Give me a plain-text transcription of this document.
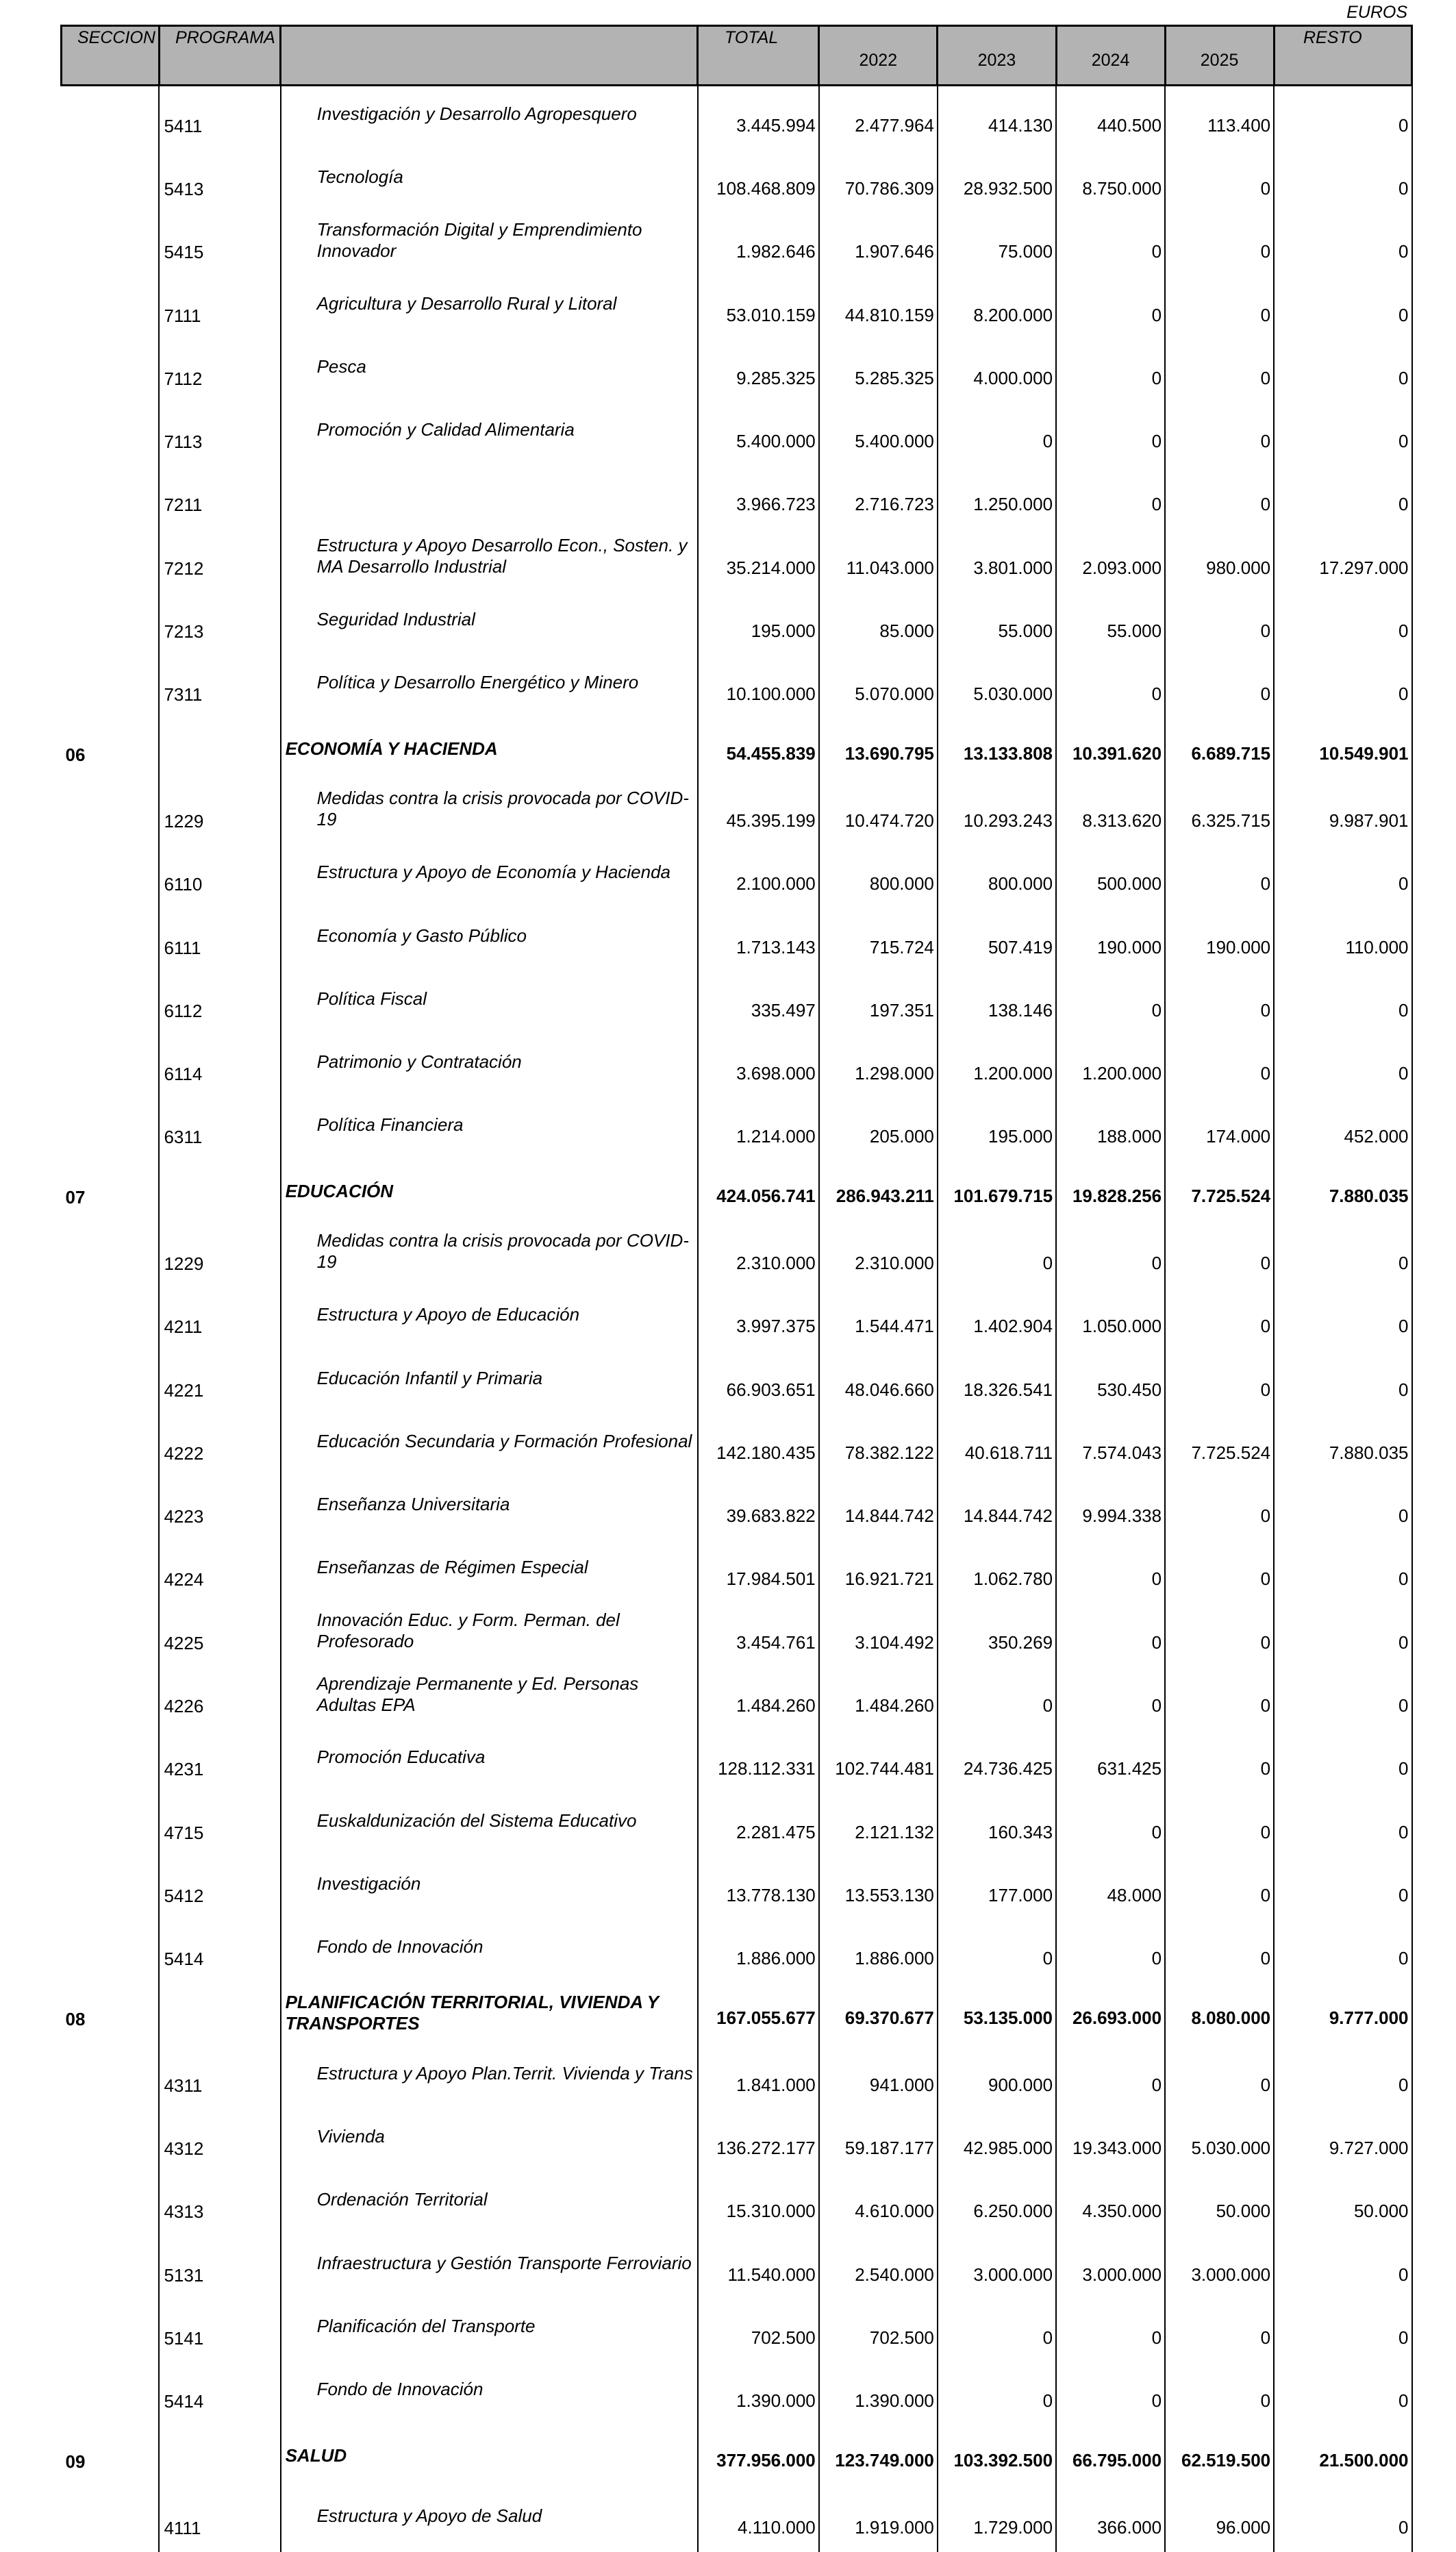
EUROS
SECCION	PROGRAMA		TOTAL	2022	2023	2024	2025	RESTO
	5411	Investigación y Desarrollo Agropesquero	3.445.994	2.477.964	414.130	440.500	113.400	0
	5413	Tecnología	108.468.809	70.786.309	28.932.500	8.750.000	0	0
	5415	Transformación Digital y Emprendimiento Innovador	1.982.646	1.907.646	75.000	0	0	0
	7111	Agricultura y Desarrollo Rural y Litoral	53.010.159	44.810.159	8.200.000	0	0	0
	7112	Pesca	9.285.325	5.285.325	4.000.000	0	0	0
	7113	Promoción y Calidad Alimentaria	5.400.000	5.400.000	0	0	0	0
	7211		3.966.723	2.716.723	1.250.000	0	0	0
	7212	Estructura y Apoyo Desarrollo Econ., Sosten. y MA Desarrollo Industrial	35.214.000	11.043.000	3.801.000	2.093.000	980.000	17.297.000
	7213	Seguridad Industrial	195.000	85.000	55.000	55.000	0	0
	7311	Política y Desarrollo Energético y Minero	10.100.000	5.070.000	5.030.000	0	0	0
06		ECONOMÍA Y HACIENDA	54.455.839	13.690.795	13.133.808	10.391.620	6.689.715	10.549.901
	1229	Medidas contra la crisis provocada por COVID-19	45.395.199	10.474.720	10.293.243	8.313.620	6.325.715	9.987.901
	6110	Estructura y Apoyo de Economía y Hacienda	2.100.000	800.000	800.000	500.000	0	0
	6111	Economía y Gasto Público	1.713.143	715.724	507.419	190.000	190.000	110.000
	6112	Política Fiscal	335.497	197.351	138.146	0	0	0
	6114	Patrimonio y Contratación	3.698.000	1.298.000	1.200.000	1.200.000	0	0
	6311	Política Financiera	1.214.000	205.000	195.000	188.000	174.000	452.000
07		EDUCACIÓN	424.056.741	286.943.211	101.679.715	19.828.256	7.725.524	7.880.035
	1229	Medidas contra la crisis provocada por COVID-19	2.310.000	2.310.000	0	0	0	0
	4211	Estructura y Apoyo de Educación	3.997.375	1.544.471	1.402.904	1.050.000	0	0
	4221	Educación Infantil y Primaria	66.903.651	48.046.660	18.326.541	530.450	0	0
	4222	Educación Secundaria y Formación Profesional	142.180.435	78.382.122	40.618.711	7.574.043	7.725.524	7.880.035
	4223	Enseñanza Universitaria	39.683.822	14.844.742	14.844.742	9.994.338	0	0
	4224	Enseñanzas de Régimen Especial	17.984.501	16.921.721	1.062.780	0	0	0
	4225	Innovación Educ. y Form. Perman. del Profesorado	3.454.761	3.104.492	350.269	0	0	0
	4226	Aprendizaje Permanente y Ed. Personas Adultas EPA	1.484.260	1.484.260	0	0	0	0
	4231	Promoción Educativa	128.112.331	102.744.481	24.736.425	631.425	0	0
	4715	Euskaldunización del Sistema Educativo	2.281.475	2.121.132	160.343	0	0	0
	5412	Investigación	13.778.130	13.553.130	177.000	48.000	0	0
	5414	Fondo de Innovación	1.886.000	1.886.000	0	0	0	0
08		PLANIFICACIÓN TERRITORIAL, VIVIENDA Y TRANSPORTES	167.055.677	69.370.677	53.135.000	26.693.000	8.080.000	9.777.000
	4311	Estructura y Apoyo Plan.Territ. Vivienda y Trans	1.841.000	941.000	900.000	0	0	0
	4312	Vivienda	136.272.177	59.187.177	42.985.000	19.343.000	5.030.000	9.727.000
	4313	Ordenación Territorial	15.310.000	4.610.000	6.250.000	4.350.000	50.000	50.000
	5131	Infraestructura y Gestión Transporte Ferroviario	11.540.000	2.540.000	3.000.000	3.000.000	3.000.000	0
	5141	Planificación del Transporte	702.500	702.500	0	0	0	0
	5414	Fondo de Innovación	1.390.000	1.390.000	0	0	0	0
09		SALUD	377.956.000	123.749.000	103.392.500	66.795.000	62.519.500	21.500.000
	4111	Estructura y Apoyo de Salud	4.110.000	1.919.000	1.729.000	366.000	96.000	0
